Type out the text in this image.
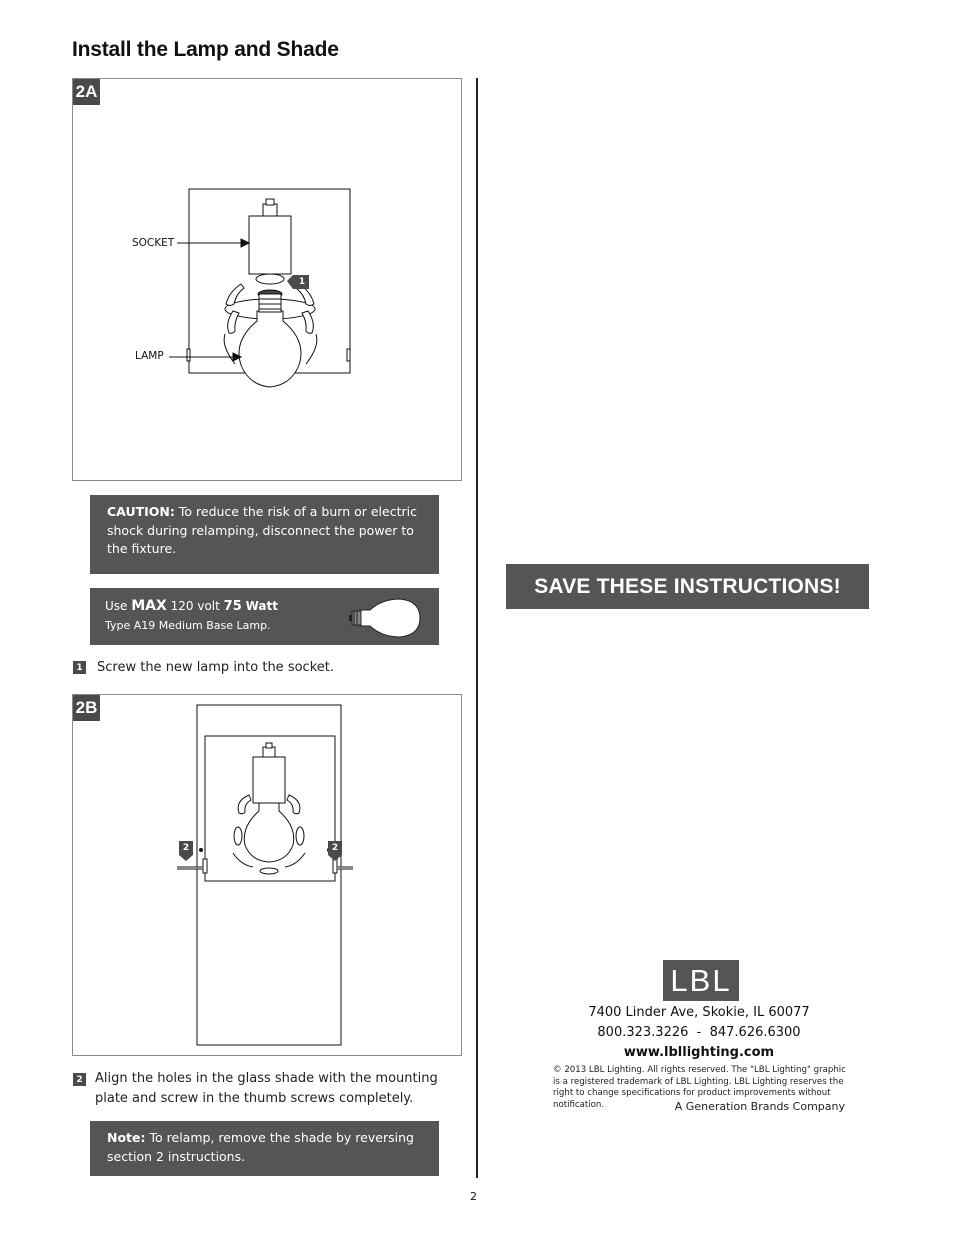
Install the Lamp and Shade
2A
SOCKET
LAMP
1
CAUTION: To reduce the risk of a burn or electric shock during relamping, disconnect the power to the fixture.
Use MAX 120 volt 75 Watt
Type A19 Medium Base Lamp.
1 Screw the new lamp into the socket.
2B
2	2
2 Align the holes in the glass shade with the mounting plate and screw in the thumb screws completely.
Note: To relamp, remove the shade by reversing section 2 instructions.
SAVE THESE INSTRUCTIONS!
LBL
7400 Linder Ave, Skokie, IL 60077
800.323.3226  -  847.626.6300
www.lbllighting.com
© 2013 LBL Lighting. All rights reserved. The "LBL Lighting" graphic is a registered trademark of LBL Lighting. LBL Lighting reserves the right to change specifications for product improvements without notification.	A Generation Brands Company
2
